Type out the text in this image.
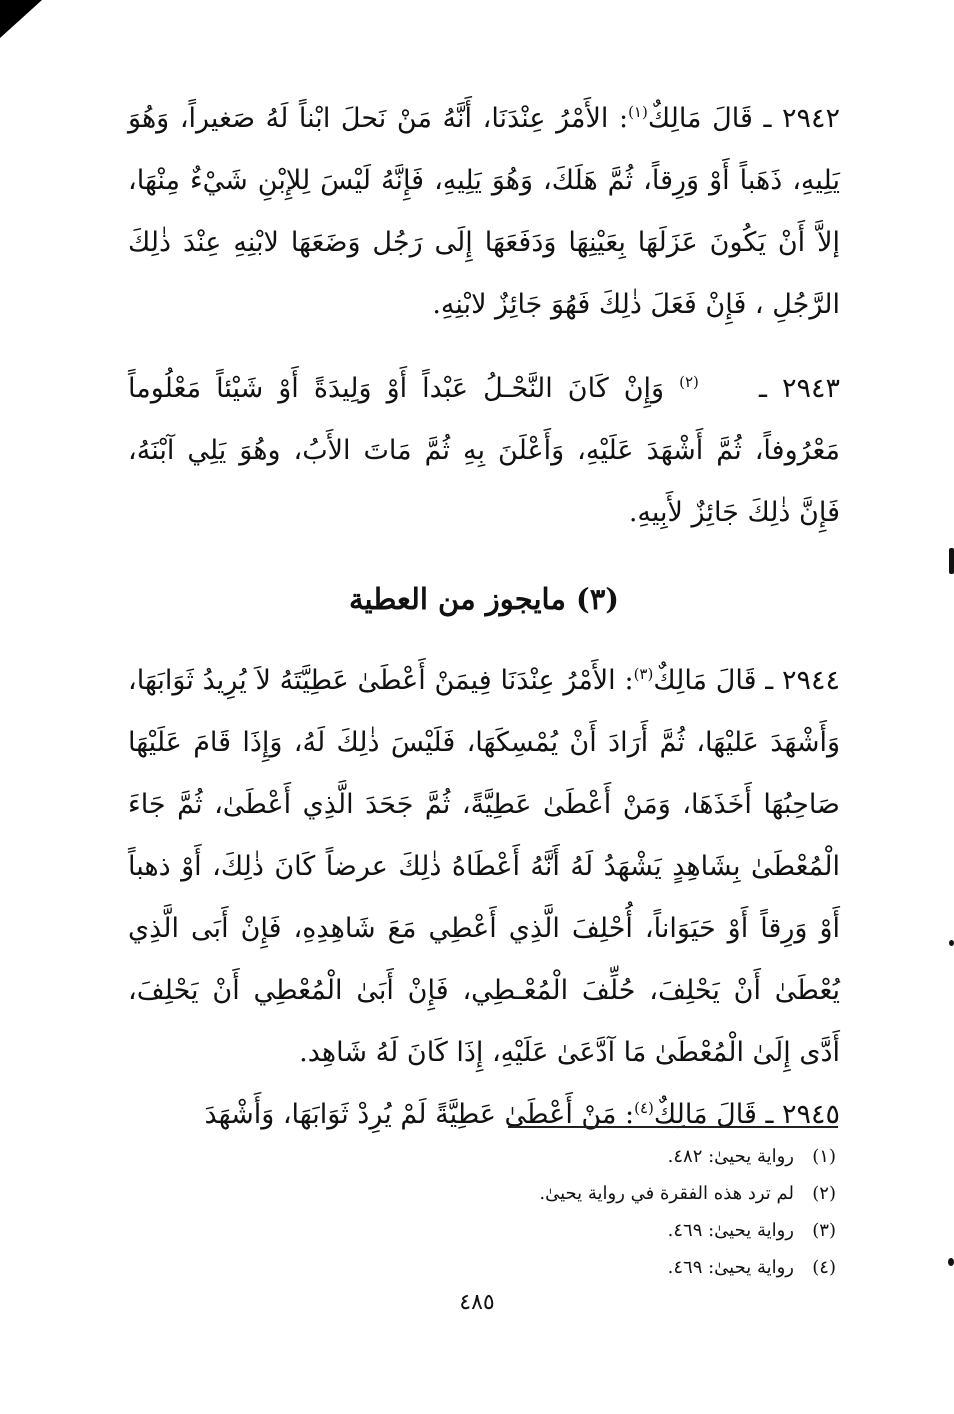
٢٩٤٢ ـ قَالَ مَالِكٌ$^{(١)}$: الأَمْرُ عِنْدَنَا، أَنَّهُ مَنْ نَحلَ ابْناً لَهُ صَغيراً، وَهُوَ يَلِيهِ، ذَهَباً أَوْ وَرِقاً، ثُمَّ هَلَكَ، وَهُوَ يَلِيهِ، فَإِنَّهُ لَيْسَ لِلإِبْنِ شَيْءٌ مِنْهَا، إلاَّ أَنْ يَكُونَ عَزَلَهَا بِعَيْنِهَا وَدَفَعَهَا إِلَى رَجُل وَضَعَهَا لابْنِهِ عِنْدَ ذٰلِكَ الرَّجُلِ ، فَإِنْ فَعَلَ ذٰلِكَ فَهُوَ جَائِزٌ لابْنِهِ.

٢٩٤٣ ـ    $^{(٢)}$ وَإِنْ كَانَ النَّحْـلُ عَبْداً أَوْ وَلِيدَةً أَوْ شَيْئاً مَعْلُوماً مَعْرُوفاً، ثُمَّ أَشْهَدَ عَلَيْهِ، وَأَعْلَنَ بِهِ ثُمَّ مَاتَ الأَبُ، وهُوَ يَلِي آبْنَهُ، فَإِنَّ ذٰلِكَ جَائِزٌ لأَبِيهِ.

(٣) مايجوز من العطية

٢٩٤٤ ـ قَالَ مَالِكٌ$^{(٣)}$: الأَمْرُ عِنْدَنَا فِيمَنْ أَعْطَىٰ عَطِيَّتَهُ لاَ يُرِيدُ ثَوَابَهَا، وَأَشْهَدَ عَليْهَا، ثُمَّ أَرَادَ أَنْ يُمْسِكَهَا، فَلَيْسَ ذٰلِكَ لَهُ، وَإِذَا قَامَ عَلَيْهَا صَاحِبُهَا أَخَذَهَا، وَمَنْ أَعْطَىٰ عَطِيَّةً، ثُمَّ جَحَدَ الَّذِي أَعْطَىٰ، ثُمَّ جَاءَ الْمُعْطَىٰ بِشَاهِدٍ يَشْهَدُ لَهُ أَنَّهُ أَعْطَاهُ ذٰلِكَ عرضاً كَانَ ذٰلِكَ، أَوْ ذهباً أَوْ وَرِقاً أَوْ حَيَوَاناً، أُحْلِفَ الَّذِي أَعْطِي مَعَ شَاهِدِهِ، فَإِنْ أَبَى الَّذِي يُعْطَىٰ أَنْ يَحْلِفَ، حُلِّفَ الْمُعْـطِي، فَإِنْ أَبَىٰ الْمُعْطِي أَنْ يَحْلِفَ، أَدَّى إِلَىٰ الْمُعْطَىٰ مَا آدَّعَىٰ عَلَيْهِ، إِذَا كَانَ لَهُ شَاهِد.

٢٩٤٥ ـ قَالَ مَالِكٌ$^{(٤)}$: مَنْ أَعْطَىٰ عَطِيَّةً لَمْ يُرِدْ ثَوَابَهَا، وَأَشْهَدَ

(١)رواية يحيىٰ: ٤٨٢.
(٢)لم ترد هذه الفقرة في رواية يحيىٰ.
(٣)رواية يحيىٰ: ٤٦٩.
(٤)رواية يحيىٰ: ٤٦٩.
٤٨٥
